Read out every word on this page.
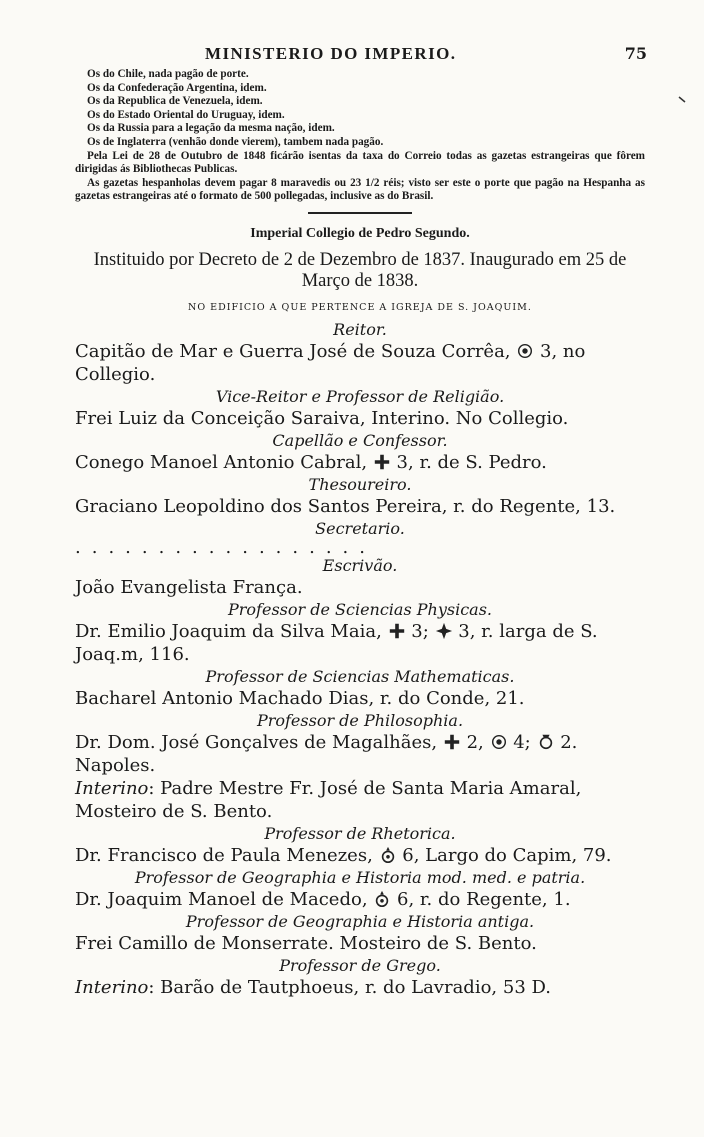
MINISTERIO DO IMPERIO.	75

Os do Chile, nada pagão de porte.

Os da Confederação Argentina, idem.

Os da Republica de Venezuela, idem.

Os do Estado Oriental do Uruguay, idem.

Os da Russia para a legação da mesma nação, idem.

Os de Inglaterra (venhão donde vierem), tambem nada pagão.

Pela Lei de 28 de Outubro de 1848 ficárão isentas da taxa do Correio todas as gazetas estrangeiras que fôrem dirigidas ás Bibliothecas Publicas.

As gazetas hespanholas devem pagar 8 maravedis ou 23 1/2 réis; visto ser este o porte que pagão na Hespanha as gazetas estrangeiras até o formato de 500 pollegadas, inclusive as do Brasil.

Imperial Collegio de Pedro Segundo.
Instituido por Decreto de 2 de Dezembro de 1837. Inaugurado em 25 de Março de 1838.
NO EDIFICIO A QUE PERTENCE A IGREJA DE S. JOAQUIM.
Reitor.
Capitão de Mar e Guerra José de Souza Corrêa, 3, no Collegio.
Vice-Reitor e Professor de Religião.
Frei Luiz da Conceição Saraiva, Interino. No Collegio.
Capellão e Confessor.
Conego Manoel Antonio Cabral, 3, r. de S. Pedro.
Thesoureiro.
Graciano Leopoldino dos Santos Pereira, r. do Regente, 13.
Secretario.
..................
Escrivão.
João Evangelista França.
Professor de Sciencias Physicas.
Dr. Emilio Joaquim da Silva Maia, 3; 3, r. larga de S. Joaq.m, 116.
Professor de Sciencias Mathematicas.
Bacharel Antonio Machado Dias, r. do Conde, 21.
Professor de Philosophia.
Dr. Dom. José Gonçalves de Magalhães, 2, 4; 2. Napoles.
Interino: Padre Mestre Fr. José de Santa Maria Amaral, Mosteiro de S. Bento.
Professor de Rhetorica.
Dr. Francisco de Paula Menezes, 6, Largo do Capim, 79.
Professor de Geographia e Historia mod. med. e patria.
Dr. Joaquim Manoel de Macedo, 6, r. do Regente, 1.
Professor de Geographia e Historia antiga.
Frei Camillo de Monserrate. Mosteiro de S. Bento.
Professor de Grego.
Interino: Barão de Tautphoeus, r. do Lavradio, 53 D.
